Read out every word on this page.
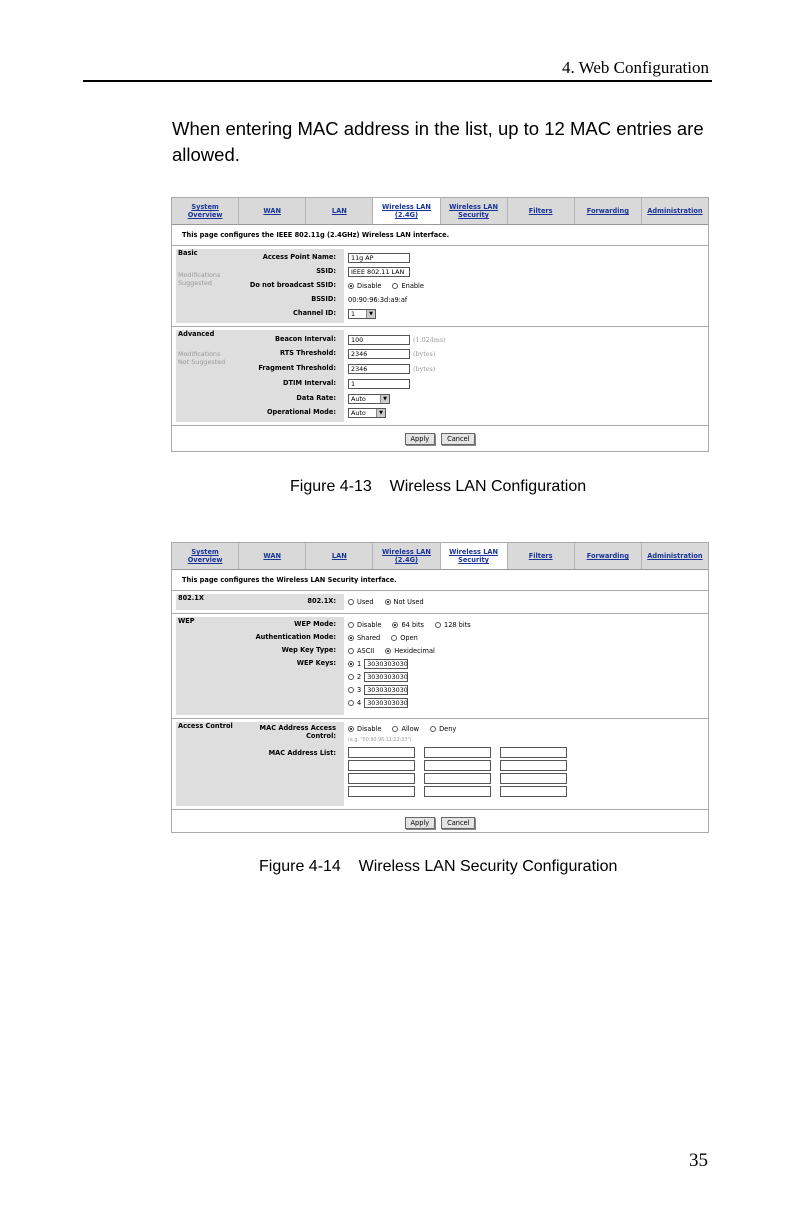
4. Web Configuration
When entering MAC address in the list, up to 12 MAC entries are allowed.
System
Overview	WAN	LAN	Wireless LAN
(2.4G)
Wireless LAN
Security	Filters	Forwarding	Administration
This page configures the IEEE 802.11g (2.4GHz) Wireless LAN interface.
Basic
Modifications
Suggested
Access Point Name:	11g AP
SSID:	IEEE 802.11 LAN
Do not broadcast SSID:	Disable	Enable
BSSID: 00:90:96:3d:a9:af
Channel ID: 1	▼
Advanced
Modifications
Not Suggested
Beacon Interval:	100	(1.024ms)
RTS Threshold:	2346	(bytes)
Fragment Threshold:	2346	(bytes)
DTIM Interval:	1
Data Rate: Auto	▼
Operational Mode: Auto	▼
Apply	Cancel
Figure 4-13    Wireless LAN Configuration
System
Overview	WAN	LAN	Wireless LAN
(2.4G)
Wireless LAN
Security	Filters	Forwarding	Administration
This page configures the Wireless LAN Security interface.
802.1X	802.1X:	Used	Not Used
WEP	WEP Mode:	Disable	64 bits	128 bits
Authentication Mode:	Shared	Open
Wep Key Type:	ASCII	Hexidecimal
WEP Keys:	1 3030303030
2 3030303030
3 3030303030
4 3030303030
Access Control	MAC Address Access
Control:
Disable	Allow	Deny
(e.g. "00:90:96:11:22:33")
MAC Address List:
Apply	Cancel
Figure 4-14    Wireless LAN Security Configuration
35
